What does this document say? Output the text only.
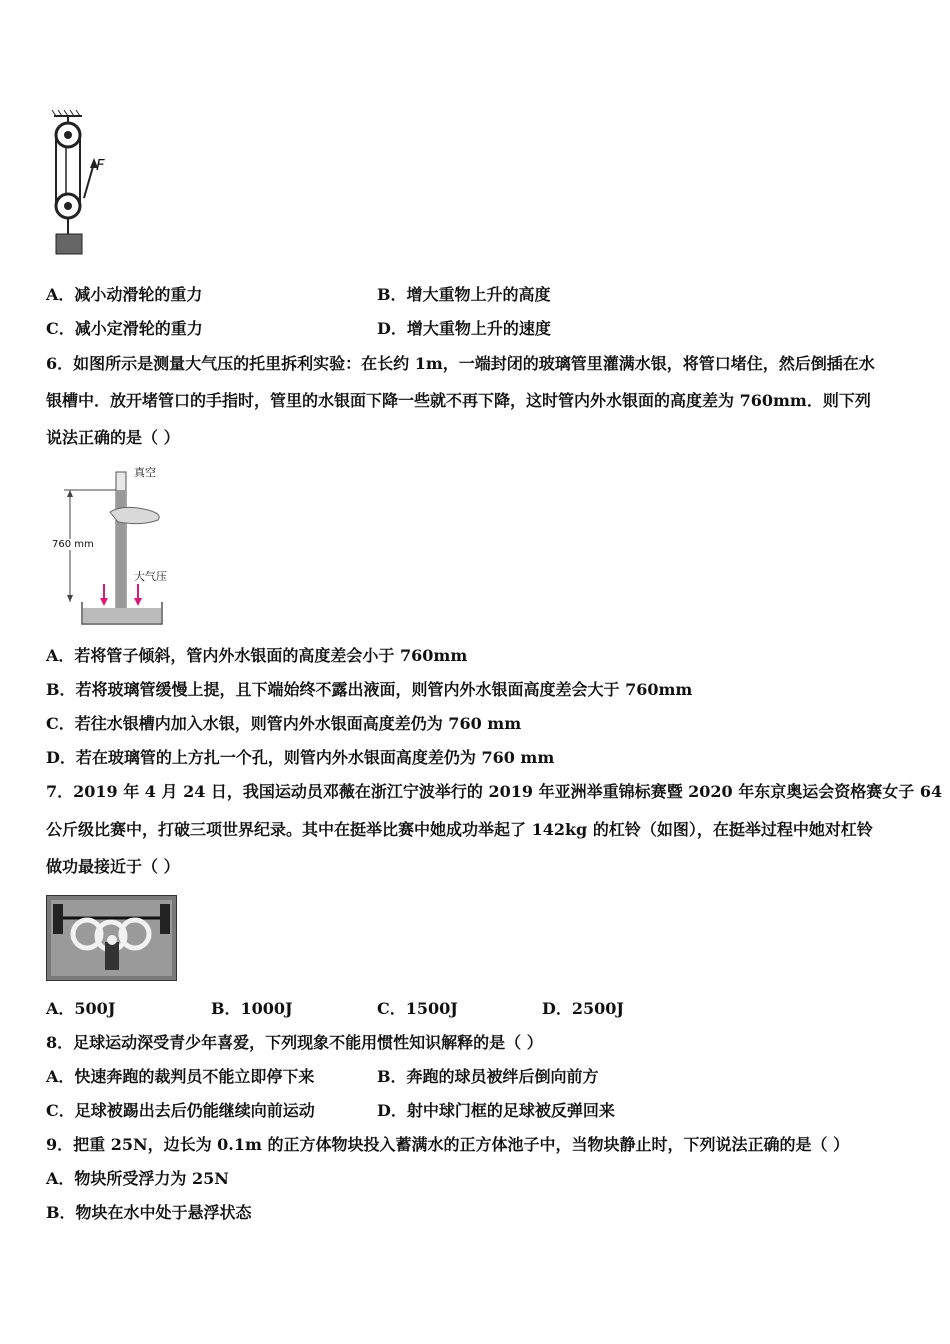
F
A．减小动滑轮的重力	B．增大重物上升的高度
C．减小定滑轮的重力	D．增大重物上升的速度
6．如图所示是测量大气压的托里拆利实验：在长约 1m，一端封闭的玻璃管里灌满水银，将管口堵住，然后倒插在水
银槽中．放开堵管口的手指时，管里的水银面下降一些就不再下降，这时管内外水银面的高度差为 760mm．则下列
说法正确的是（ ）
真空
760 mm
大气压
A．若将管子倾斜，管内外水银面的高度差会小于 760mm
B．若将玻璃管缓慢上提，且下端始终不露出液面，则管内外水银面高度差会大于 760mm
C．若往水银槽内加入水银，则管内外水银面高度差仍为 760 mm
D．若在玻璃管的上方扎一个孔，则管内外水银面高度差仍为 760 mm
7．2019 年 4 月 24 日，我国运动员邓薇在浙江宁波举行的 2019 年亚洲举重锦标赛暨 2020 年东京奥运会资格赛女子 64
公斤级比赛中，打破三项世界纪录。其中在挺举比赛中她成功举起了 142kg 的杠铃（如图），在挺举过程中她对杠铃
做功最接近于（ ）
A．500J	B．1000J	C．1500J	D．2500J
8．足球运动深受青少年喜爱，下列现象不能用惯性知识解释的是（ ）
A．快速奔跑的裁判员不能立即停下来	B．奔跑的球员被绊后倒向前方
C．足球被踢出去后仍能继续向前运动	D．射中球门框的足球被反弹回来
9．把重 25N，边长为 0.1m 的正方体物块投入蓄满水的正方体池子中，当物块静止时，下列说法正确的是（ ）
A．物块所受浮力为 25N
B．物块在水中处于悬浮状态
